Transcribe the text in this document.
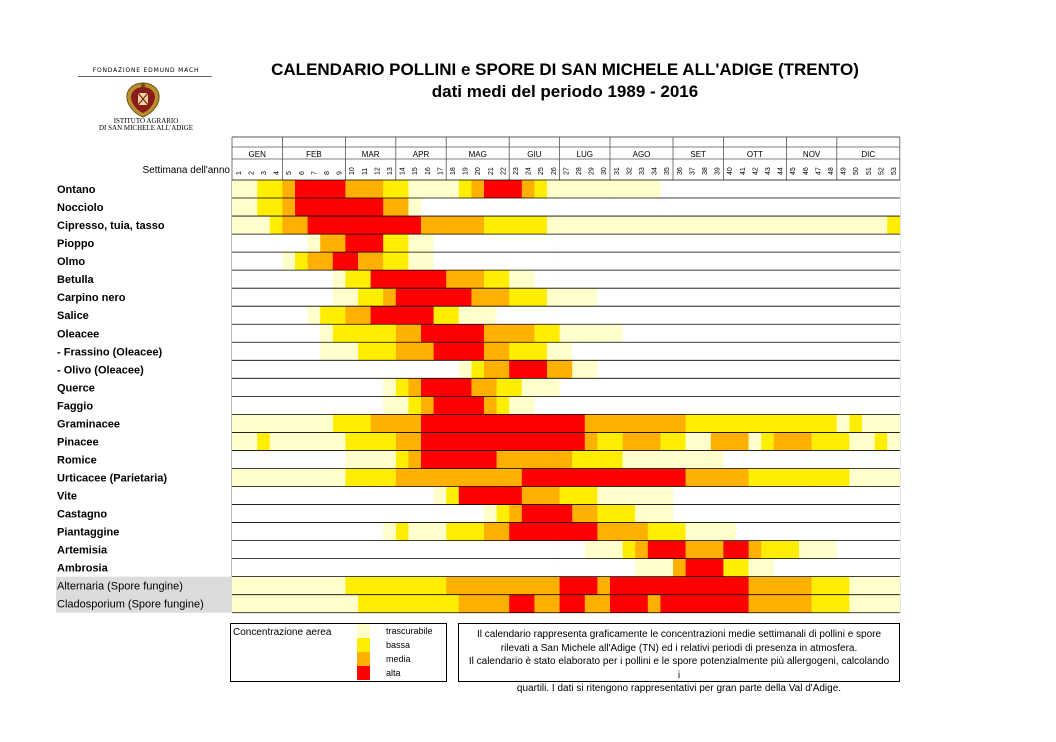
FONDAZIONE EDMUND MACH
ISTITUTO AGRARIO
DI SAN MICHELE ALL'ADIGE
CALENDARIO POLLINI e SPORE DI SAN MICHELE ALL'ADIGE (TRENTO)
dati medi del periodo 1989 - 2016
GEN	FEB	MAR	APR	MAG	GIU	LUG	AGO	SET	OTT	NOV	DIC
Settimana dell'anno 1 2 3 4 5 6 7 8 9 10 11 12 13 14 15 16 17 18 19 20 21 22 23 24 25 26 27 28 29 30 31 32 33 34 35 36 37 38 39 40 41 42 43 44 45 46 47 48 49 50 51 52 53
Ontano
Nocciolo
Cipresso, tuia, tasso
Pioppo
Olmo
Betulla
Carpino nero
Salice
Oleacee
- Frassino (Oleacee)
- Olivo (Oleacee)
Querce
Faggio
Graminacee
Pinacee
Romice
Urticacee (Parietaria)
Vite
Castagno
Piantaggine
Artemisia
Ambrosia
Alternaria (Spore fungine)
Cladosporium (Spore fungine)
Concentrazione aerea	trascurabile
bassa
media
alta
Il calendario rappresenta graficamente le concentrazioni medie settimanali di pollini e spore
rilevati a San Michele all'Adige (TN) ed i relativi periodi di presenza in atmosfera.
Il calendario è stato elaborato per i pollini e le spore potenzialmente più allergogeni, calcolando i
quartili. I dati si ritengono rappresentativi per gran parte della Val d'Adige.
